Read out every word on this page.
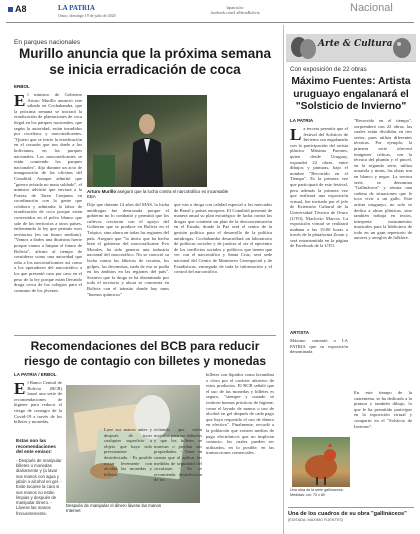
A8	LA PATRIA
Oruro, domingo 19 de julio de 2020
lapatria.bo
facebook.com/LaPatriaBolivia	Nacional
En parques nacionales
Murillo anuncia que la próxima semana se inicia erradicación de coca
ERBOL
El ministro de Gobierno Arturo Murillo anunció este sábado en Cochabamba, que la próxima semana se iniciará la erradicación de plantaciones de coca ilegal en los parques nacionales, que según la autoridad, están invadidos por cocaleros y narcotraficantes. "Quiero que se inicie la erradicación en el corazón que nos duele a los bolivianos, en los parques nacionales. Los narcotraficantes se están comiendo los parques nacionales", dijo durante un acto de inauguración de las oficinas del Conalitid. Aunque admitió que "guerra avisada no mata soldado", el ministro advirtió que enviará a la Fuerza de Tarea Conjunta en coordinación con la gente que colabora y admiraba la labor de erradicación de coca porque están convertidos en el polvo blanco que sale de los territorios a otros países, enfrentando la ley que permite esos territorios (en un futuro mediato). "Vamos a darles una diurisma fuerte porque vamos a limpiar el futuro de Bolivia", afirmó al tiempo de considerar como una autoridad que odia a los narcotraficantes así como a los operadores del narcotráfico a los que presentó caso por caso en el peso de la ley porque están llevando droga cerca de los colegios para el consumo de los jóvenes.
Arturo Murillo aseguró que la lucha contra el narcotráfico es incansable
EBA
Dijo que durante 14 años del MAS, la lucha antidrogas fue destrozada porque el gobierno no lo combatió y permitió que los cultivos crecieran con el apoyo del Gobierno que se produce en Bolivia en el Trópico, sino ahora en todas las regiones del país. Aseguró que "lo único que ha hecho bien el gobierno del narcotraficante Evo Morales, ha sido generar una industria nacional del narcotráfico. No se conoció su lucha contra las fábricas de cocaína, los golpes, los decomisos, nada de eso se podía en los ámbitos en las regiones del país". Sostuvo que la droga se ha diseminado por todo el territorio y ahora se concentra en Bolivia con el tránsito donde hay unos "buenos químicos"
que van a droga con calidad especial a los mercados de Brasil y países europeos. El Conalitid presentó de manera anual su plan estratégico de lucha contra las drogas que contiene un plan de la desconcentración en el Estado, donde la Paz será el centro de la gestión política para el desarrollo de la política antidrogas. Cochabamba desarrollará un laboratorio de políticas sociales y de justicia al ser el epicentro de los conflictos sociales y políticos que tienen que ver con el narcotráfico y Santa Cruz, será sede nacional del Centro de Monitoreo Geoespacial y de Estadísticas, encargado de toda la información y el control del narcotráfico.
Recomendaciones del BCB para reducir riesgo de contagio con billetes y monedas
LA PATRIA / ERBOL
El Banco Central de Bolivia (BCB) lanzó una serie de recomendaciones de higiene para reducir el riesgo de contagio de la Covid-19 a través de los billetes y monedas.
Estas son las recomendaciones del ente emisor:
- Después de manipular billetes o monedas diariamente y (a lavar sus manos con agua y jabón o alcohol en gel. - Evite tocarse la cara si sus manos no están limpias y después de manipular dinero. - Lávese las manos frecuentemente.
Después de manipular el dinero lávese las manos
Internet
Lave sus manos antes y después de tocar cualquier superficie u objeto que haya sido previamente desinfectado. - Es posible rociar levemente con alcohol las monedas y billetes,
evitando que estén mojados para no dañarlos y que los billetes se muevan o pierdan sus propiedades. - Tener en cuenta que al aplicar las medidas de seguridad del circulante. - No se recomienda desinfección de los
billetes con líquidos como lavandina o cloro por el carácter abrasivo de estos productos. El BCB señaló que el uso de las monedas y billetes es seguro, "siempre y cuando se realicen buenas prácticas de higiene, como el lavado de manos o uso de alcohol en gel después de cada pago que haya requerido el uso de dinero en efectivo". Finalmente, recordó a la población que existen medios de pago electrónicos que no implican contacto, los cuales pueden ser utilizados, en lo posible, en las transacciones comerciales.
Arte & Cultura
Con exposición de 22 obras
Máximo Fuentes: Artista uruguayo engalanará el "Solsticio de Invierno"
LA PATRIA
La tercera permitir que el festival del Solsticio de Invierno sea engalanado con la participación del artista plástico Máximo Fuentes, quien desde Uruguay, expondrá 22 obras, entre dibujos y pinturas, bajo el nombre "Recorrido en el Tiempo". Es la primera vez que participará de este festival, pero además la primera vez que realizará una exposición virtual, fue invitado por el jefe de Extensión Cultural de la Universidad Técnica de Oruro (UTO), Maclovio Marcos. La exposición virtual se realizará mañana a las 19:00 horas a través de la plataforma Zoom y será retransmitida en la página de Facebook de la UTO.
ARTISTA
Máximo comentó a LA PATRIA que su exposición denominada
"Recorrido en el tiempo", sorprenderá con 22 obras, las cuales están divididas en tres series, pues utiliza diferentes técnicas. Por ejemplo, la primera serie ofrecerá imágenes críticas, con la técnica del plumín y el pincel, en la segunda serie, utiliza acuarela y tintas, las obras son en blanco y negro. La tercera serie, se denomina "Gallináceos" y retrata una cadena de situaciones que le toca vivir a un gallo. Este artista uruguayo, no solo se dedica a obras plásticas, sino también trabaja en textos, interpreta instrumentos musicales para la biblioteca de todo en un gran repertorio de autores y arreglos de folklore.
En este tiempo de la cuarentena, se ha dedicado a la pintura y también dibujo, lo que le ha permitido participar en la exposición virtual y compartir en el "Solsticio de Invierno".
Una obra de la serie gallináceos. Medidas: cm: 70 x 60
Una de los cuadros de su obra "gallináceos"
(EDITADA: MAXIMO FUENTES)
